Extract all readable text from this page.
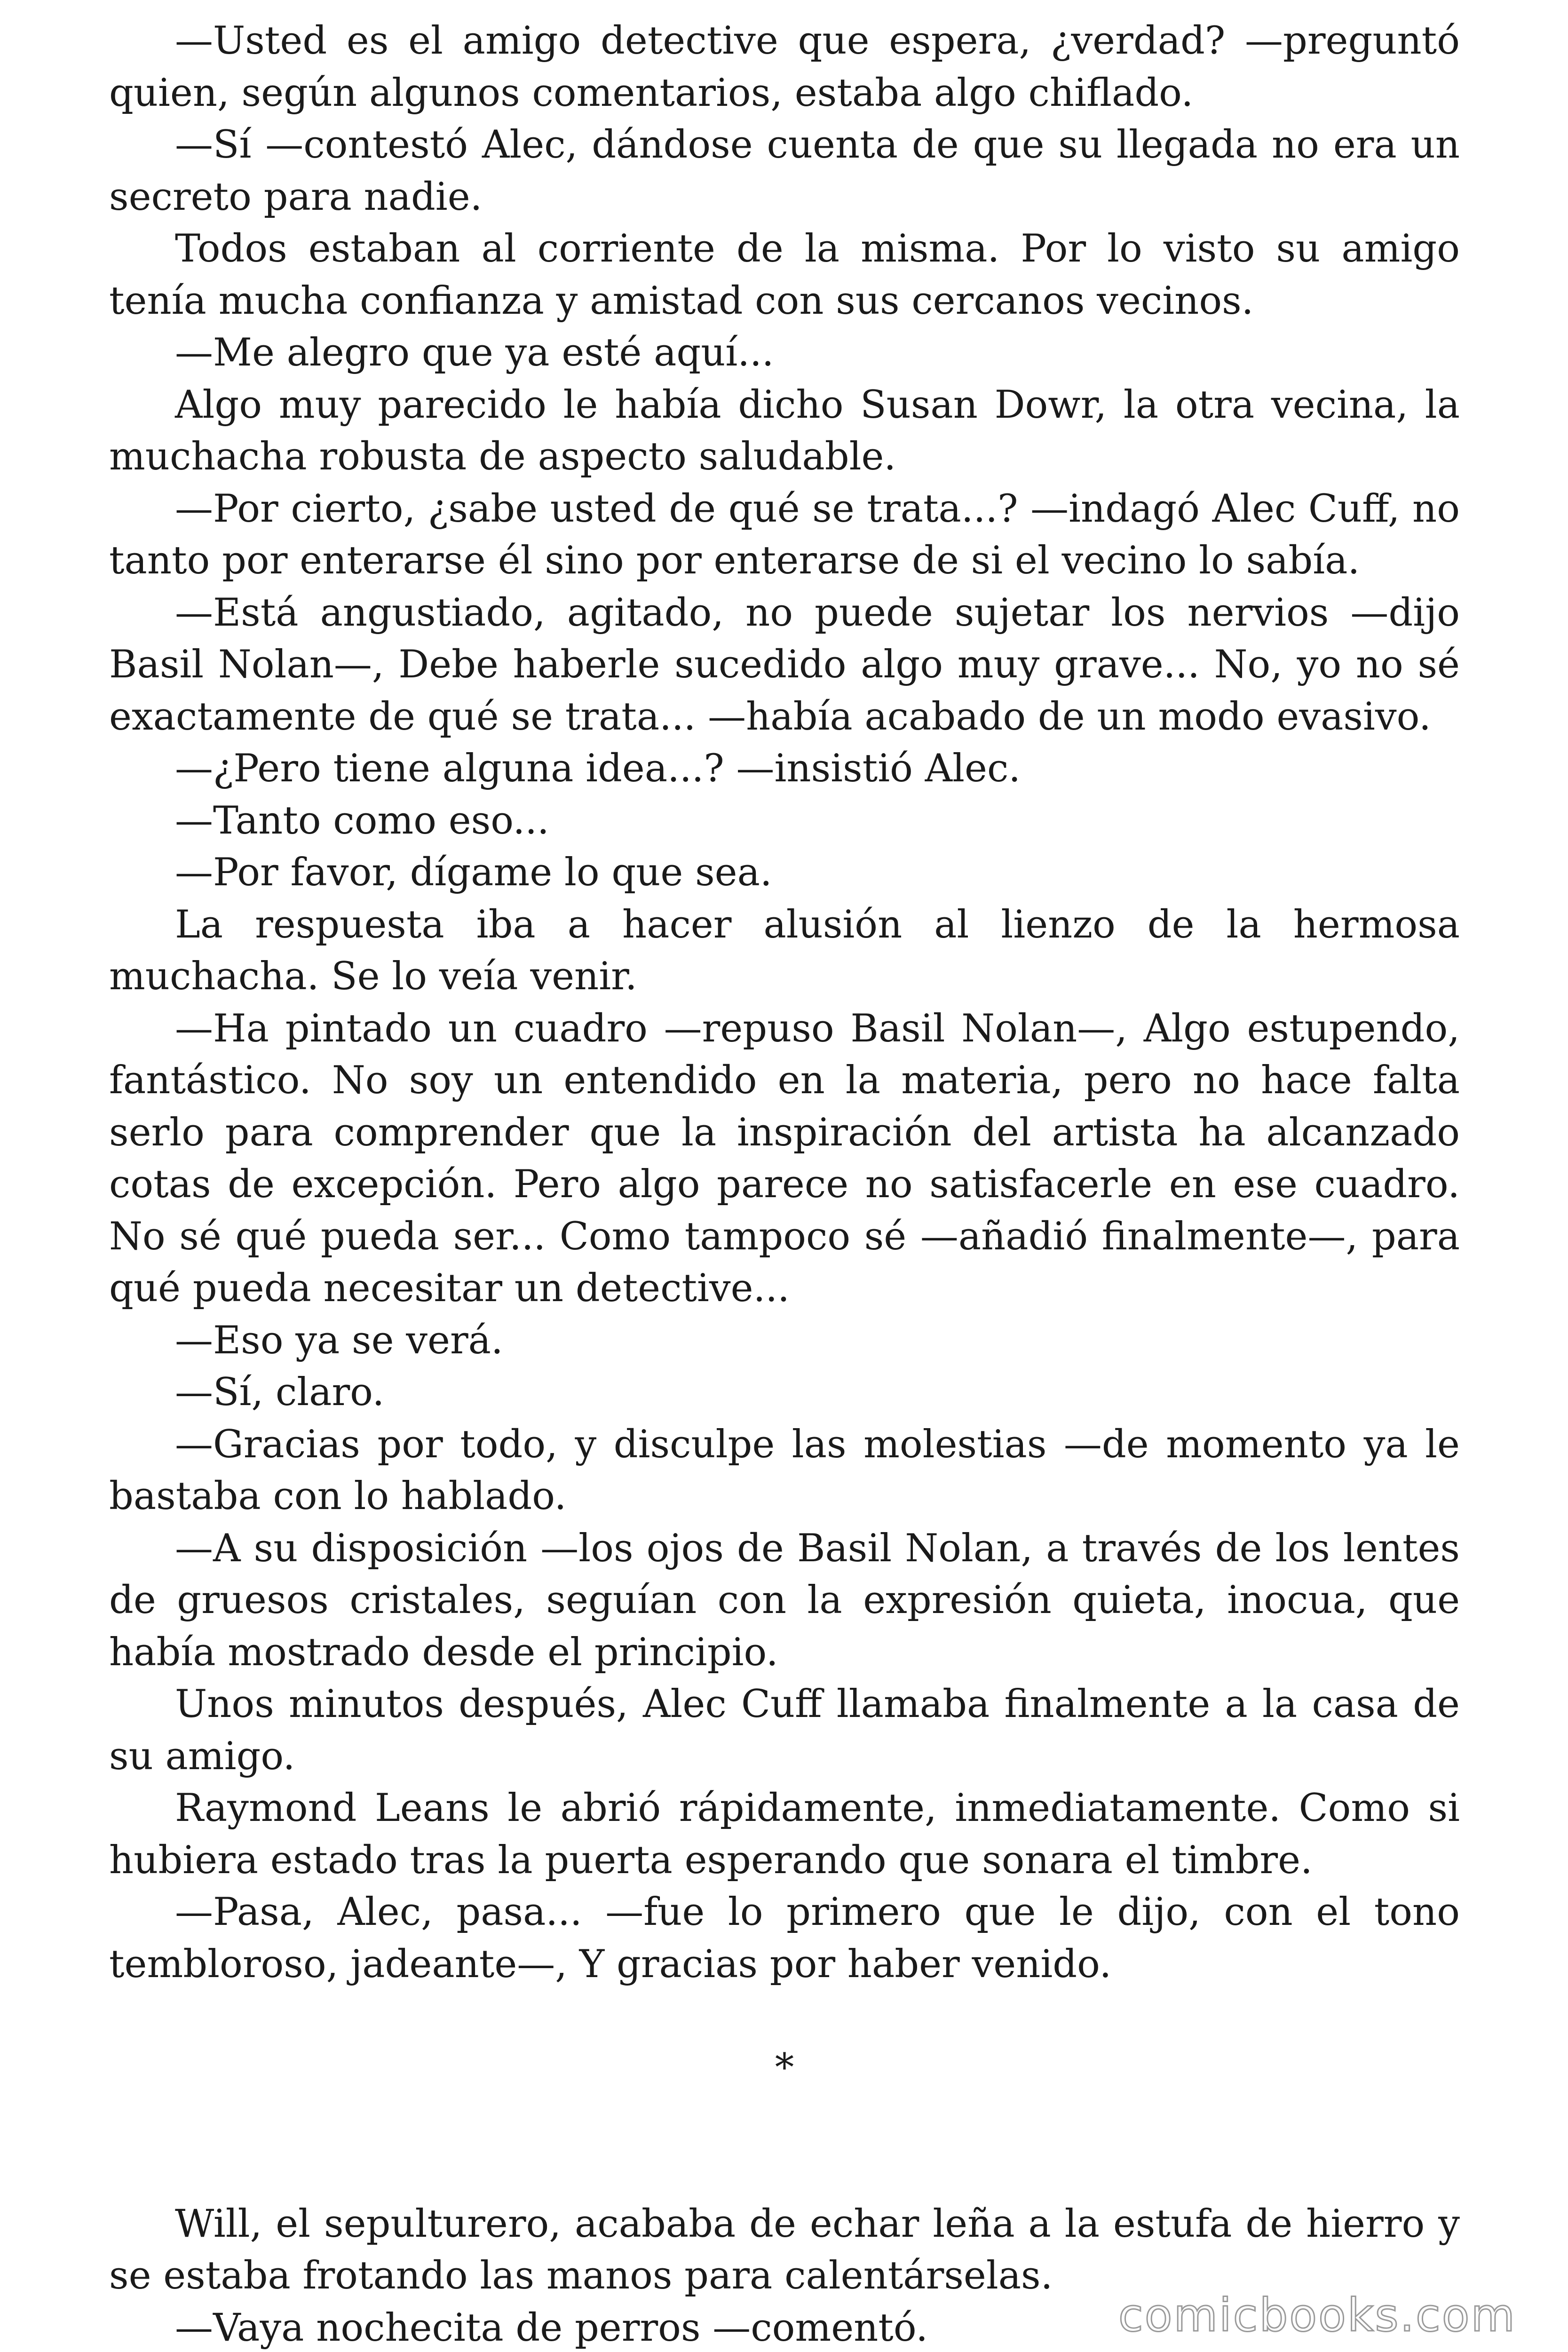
—Usted es el amigo detective que espera, ¿verdad? —preguntó quien, según algunos comentarios, estaba algo chiflado.

—Sí —contestó Alec, dándose cuenta de que su llegada no era un secreto para nadie.

Todos estaban al corriente de la misma. Por lo visto su amigo tenía mucha confianza y amistad con sus cercanos vecinos.

—Me alegro que ya esté aquí...

Algo muy parecido le había dicho Susan Dowr, la otra vecina, la muchacha robusta de aspecto saludable.

—Por cierto, ¿sabe usted de qué se trata...? —indagó Alec Cuff, no tanto por enterarse él sino por enterarse de si el vecino lo sabía.

—Está angustiado, agitado, no puede sujetar los nervios —dijo Basil Nolan—, Debe haberle sucedido algo muy grave... No, yo no sé exactamente de qué se trata... —había acabado de un modo evasivo.

—¿Pero tiene alguna idea...? —insistió Alec.

—Tanto como eso...

—Por favor, dígame lo que sea.

La respuesta iba a hacer alusión al lienzo de la hermosa muchacha. Se lo veía venir.

—Ha pintado un cuadro —repuso Basil Nolan—, Algo estupendo, fantástico. No soy un entendido en la materia, pero no hace falta serlo para comprender que la inspiración del artista ha alcanzado cotas de excepción. Pero algo parece no satisfacerle en ese cuadro. No sé qué pueda ser... Como tampoco sé —añadió finalmente—, para qué pueda necesitar un detective...

—Eso ya se verá.

—Sí, claro.

—Gracias por todo, y disculpe las molestias —de momento ya le bastaba con lo hablado.

—A su disposición —los ojos de Basil Nolan, a través de los lentes de gruesos cristales, seguían con la expresión quieta, inocua, que había mostrado desde el principio.

Unos minutos después, Alec Cuff llamaba finalmente a la casa de su amigo.

Raymond Leans le abrió rápidamente, inmediatamente. Como si hubiera estado tras la puerta esperando que sonara el timbre.

—Pasa, Alec, pasa... —fue lo primero que le dijo, con el tono tembloroso, jadeante—, Y gracias por haber venido.

*

Will, el sepulturero, acababa de echar leña a la estufa de hierro y se estaba frotando las manos para calentárselas.

—Vaya nochecita de perros —comentó.	comicbooks.com
